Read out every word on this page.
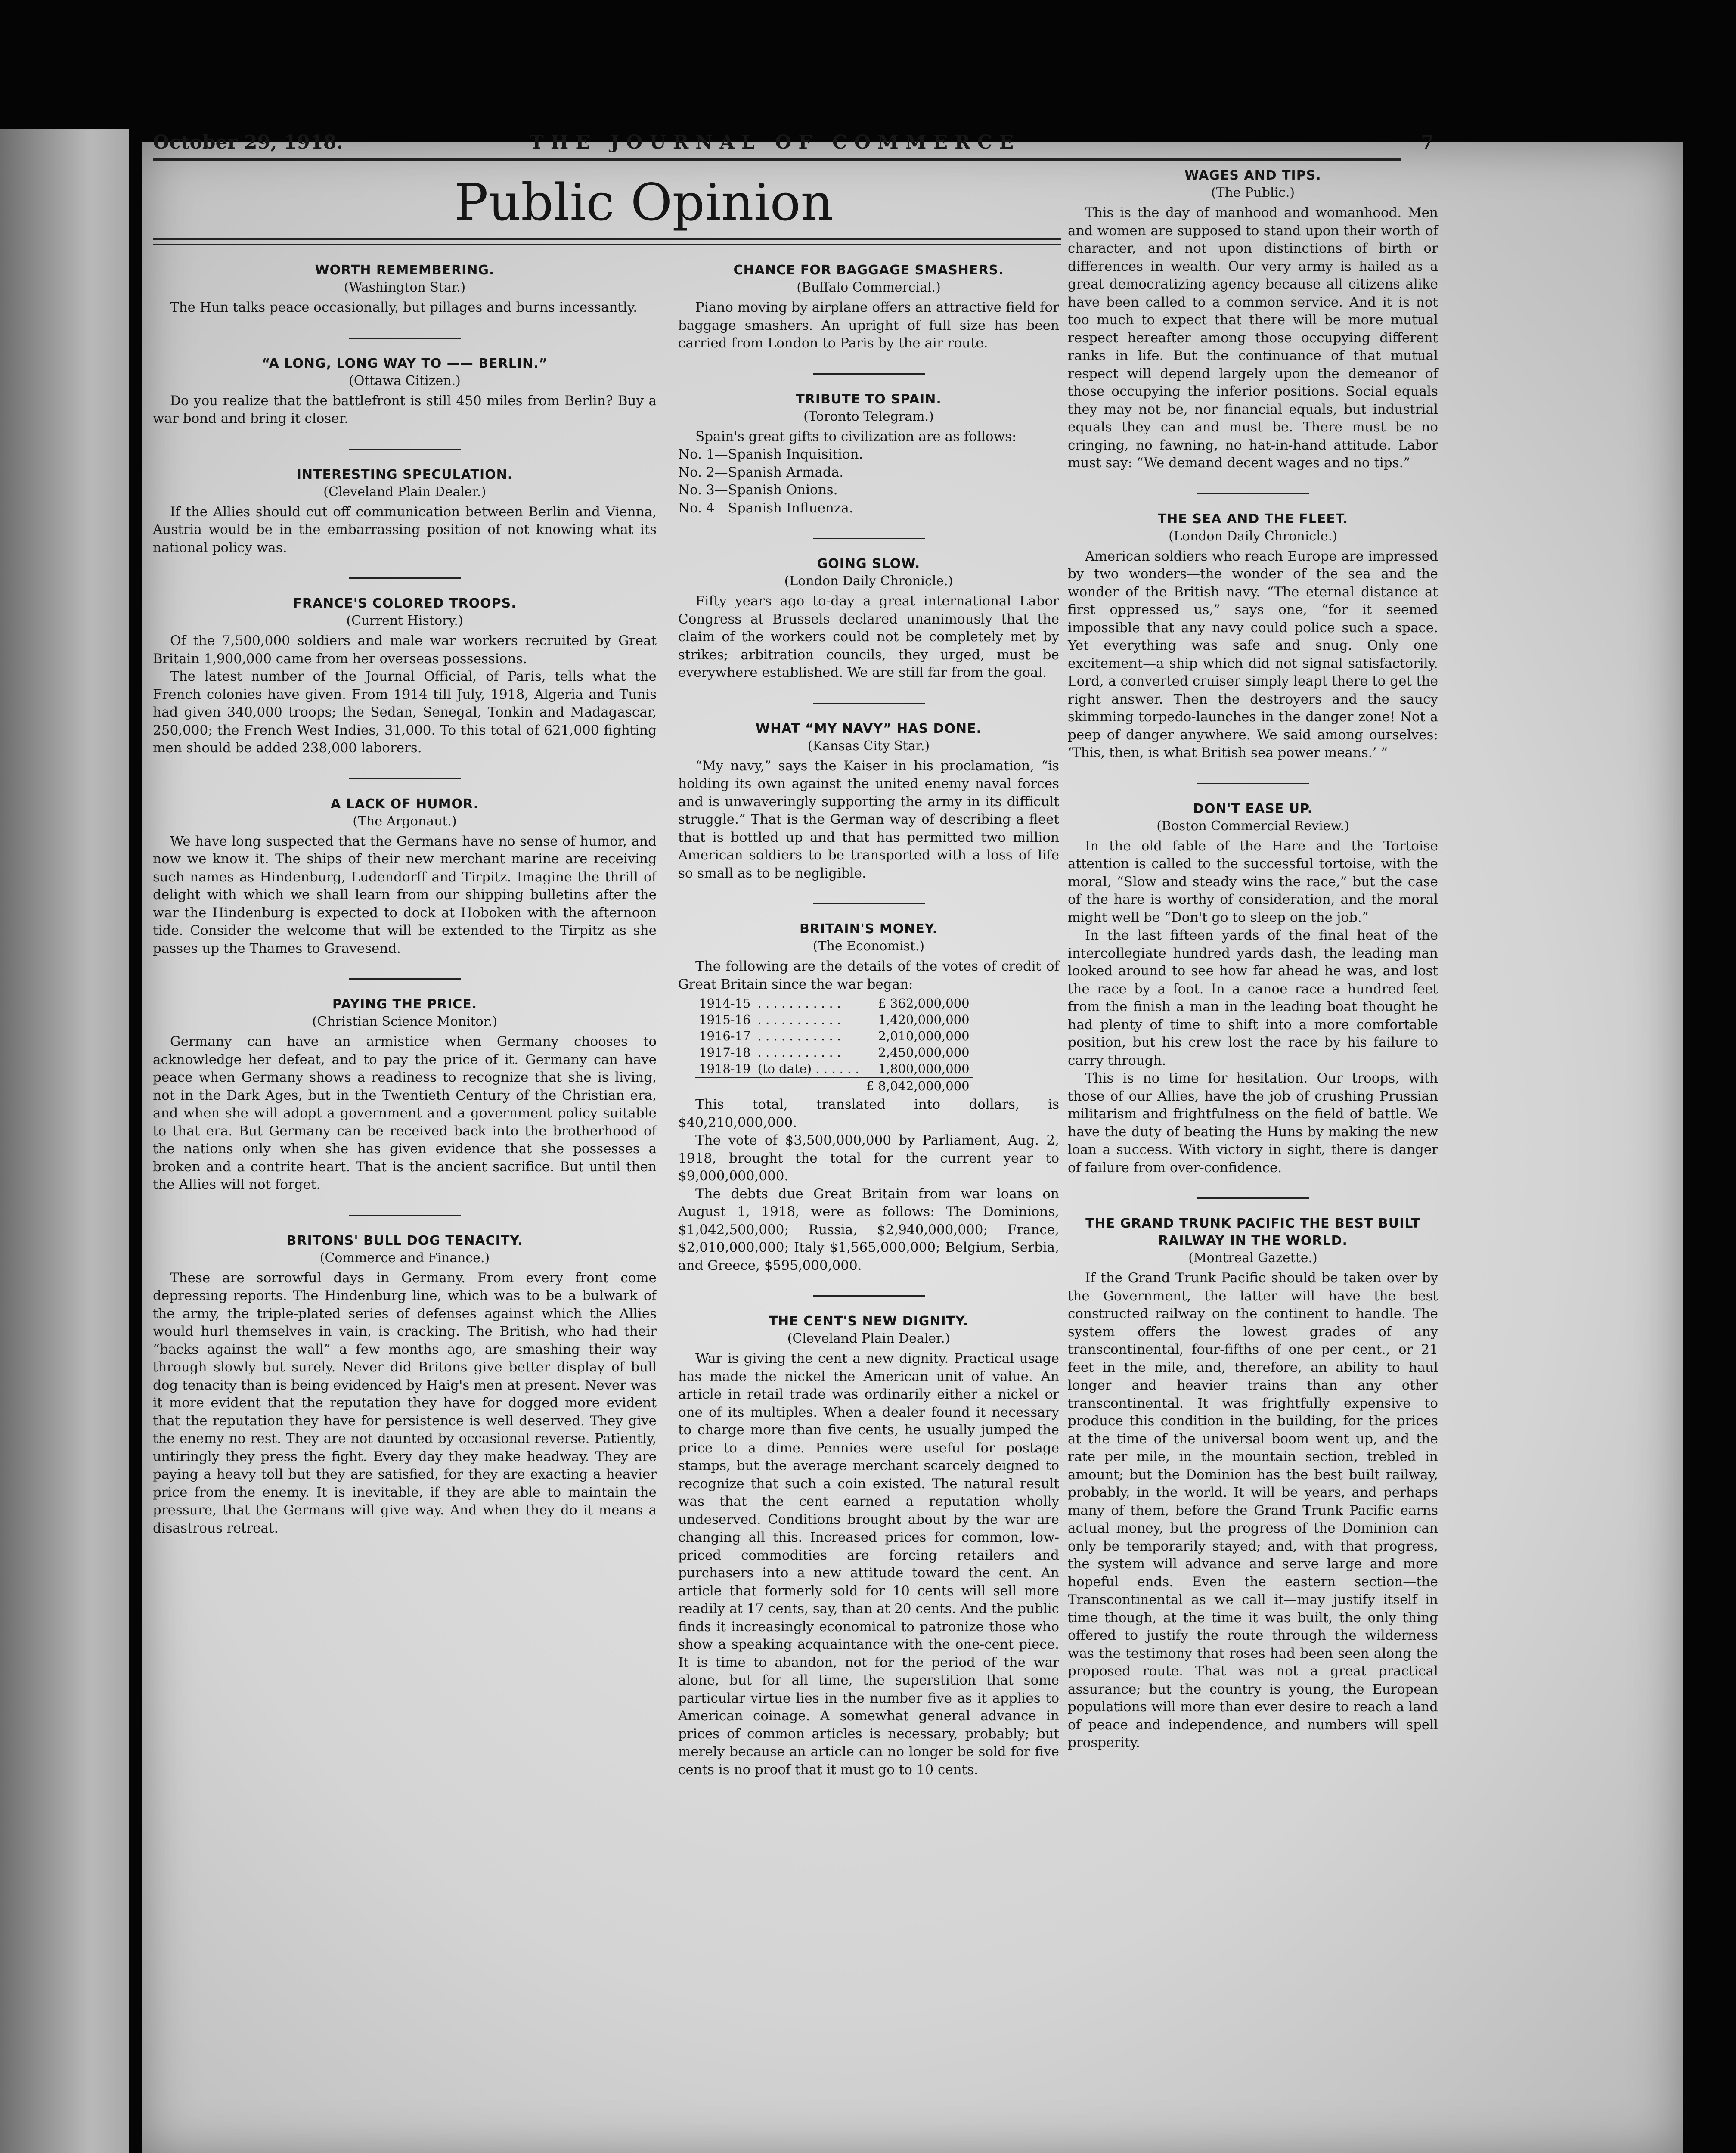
October 29, 1918.	THE JOURNAL OF COMMERCE	7
Public Opinion
WORTH REMEMBERING.
(Washington Star.)

The Hun talks peace occasionally, but pillages and burns incessantly.

“A LONG, LONG WAY TO —— BERLIN.”
(Ottawa Citizen.)

Do you realize that the battlefront is still 450 miles from Berlin? Buy a war bond and bring it closer.

INTERESTING SPECULATION.
(Cleveland Plain Dealer.)

If the Allies should cut off communication between Berlin and Vienna, Austria would be in the embarrassing position of not knowing what its national policy was.

FRANCE'S COLORED TROOPS.
(Current History.)

Of the 7,500,000 soldiers and male war workers recruited by Great Britain 1,900,000 came from her overseas possessions.

The latest number of the Journal Official, of Paris, tells what the French colonies have given. From 1914 till July, 1918, Algeria and Tunis had given 340,000 troops; the Sedan, Senegal, Tonkin and Madagascar, 250,000; the French West Indies, 31,000. To this total of 621,000 fighting men should be added 238,000 laborers.

A LACK OF HUMOR.
(The Argonaut.)

We have long suspected that the Germans have no sense of humor, and now we know it. The ships of their new merchant marine are receiving such names as Hindenburg, Ludendorff and Tirpitz. Imagine the thrill of delight with which we shall learn from our shipping bulletins after the war the Hindenburg is expected to dock at Hoboken with the afternoon tide. Consider the welcome that will be extended to the Tirpitz as she passes up the Thames to Gravesend.

PAYING THE PRICE.
(Christian Science Monitor.)

Germany can have an armistice when Germany chooses to acknowledge her defeat, and to pay the price of it. Germany can have peace when Germany shows a readiness to recognize that she is living, not in the Dark Ages, but in the Twentieth Century of the Christian era, and when she will adopt a government and a government policy suitable to that era. But Germany can be received back into the brotherhood of the nations only when she has given evidence that she possesses a broken and a contrite heart. That is the ancient sacrifice. But until then the Allies will not forget.

BRITONS' BULL DOG TENACITY.
(Commerce and Finance.)

These are sorrowful days in Germany. From every front come depressing reports. The Hindenburg line, which was to be a bulwark of the army, the triple-plated series of defenses against which the Allies would hurl themselves in vain, is cracking. The British, who had their “backs against the wall” a few months ago, are smashing their way through slowly but surely. Never did Britons give better display of bull dog tenacity than is being evidenced by Haig's men at present. Never was it more evident that the reputation they have for dogged more evident that the reputation they have for persistence is well deserved. They give the enemy no rest. They are not daunted by occasional reverse. Patiently, untiringly they press the fight. Every day they make headway. They are paying a heavy toll but they are satisfied, for they are exacting a heavier price from the enemy. It is inevitable, if they are able to maintain the pressure, that the Germans will give way. And when they do it means a disastrous retreat.

CHANCE FOR BAGGAGE SMASHERS.
(Buffalo Commercial.)

Piano moving by airplane offers an attractive field for baggage smashers. An upright of full size has been carried from London to Paris by the air route.

TRIBUTE TO SPAIN.
(Toronto Telegram.)

Spain's great gifts to civilization are as follows:

No. 1—Spanish Inquisition.
No. 2—Spanish Armada.
No. 3—Spanish Onions.
No. 4—Spanish Influenza.
GOING SLOW.
(London Daily Chronicle.)

Fifty years ago to-day a great international Labor Congress at Brussels declared unanimously that the claim of the workers could not be completely met by strikes; arbitration councils, they urged, must be everywhere established. We are still far from the goal.

WHAT “MY NAVY” HAS DONE.
(Kansas City Star.)

“My navy,” says the Kaiser in his proclamation, “is holding its own against the united enemy naval forces and is unwaveringly supporting the army in its difficult struggle.” That is the German way of describing a fleet that is bottled up and that has permitted two million American soldiers to be transported with a loss of life so small as to be negligible.

BRITAIN'S MONEY.
(The Economist.)

The following are the details of the votes of credit of Great Britain since the war began:

1914-15	. . . . . . . . . . .	£ 362,000,000
1915-16	. . . . . . . . . . .	1,420,000,000
1916-17	. . . . . . . . . . .	2,010,000,000
1917-18	. . . . . . . . . . .	2,450,000,000
1918-19	(to date) . . . . . .	1,800,000,000
		£ 8,042,000,000

This total, translated into dollars, is $40,210,000,000.

The vote of $3,500,000,000 by Parliament, Aug. 2, 1918, brought the total for the current year to $9,000,000,000.

The debts due Great Britain from war loans on August 1, 1918, were as follows: The Dominions, $1,042,500,000; Russia, $2,940,000,000; France, $2,010,000,000; Italy $1,565,000,000; Belgium, Serbia, and Greece, $595,000,000.

THE CENT'S NEW DIGNITY.
(Cleveland Plain Dealer.)

War is giving the cent a new dignity. Practical usage has made the nickel the American unit of value. An article in retail trade was ordinarily either a nickel or one of its multiples. When a dealer found it necessary to charge more than five cents, he usually jumped the price to a dime. Pennies were useful for postage stamps, but the average merchant scarcely deigned to recognize that such a coin existed. The natural result was that the cent earned a reputation wholly undeserved. Conditions brought about by the war are changing all this. Increased prices for common, low-priced commodities are forcing retailers and purchasers into a new attitude toward the cent. An article that formerly sold for 10 cents will sell more readily at 17 cents, say, than at 20 cents. And the public finds it increasingly economical to patronize those who show a speaking acquaintance with the one-cent piece. It is time to abandon, not for the period of the war alone, but for all time, the superstition that some particular virtue lies in the number five as it applies to American coinage. A somewhat general advance in prices of common articles is necessary, probably; but merely because an article can no longer be sold for five cents is no proof that it must go to 10 cents.

WAGES AND TIPS.
(The Public.)

This is the day of manhood and womanhood. Men and women are supposed to stand upon their worth of character, and not upon distinctions of birth or differences in wealth. Our very army is hailed as a great democratizing agency because all citizens alike have been called to a common service. And it is not too much to expect that there will be more mutual respect hereafter among those occupying different ranks in life. But the continuance of that mutual respect will depend largely upon the demeanor of those occupying the inferior positions. Social equals they may not be, nor financial equals, but industrial equals they can and must be. There must be no cringing, no fawning, no hat-in-hand attitude. Labor must say: “We demand decent wages and no tips.”

THE SEA AND THE FLEET.
(London Daily Chronicle.)

American soldiers who reach Europe are impressed by two wonders—the wonder of the sea and the wonder of the British navy. “The eternal distance at first oppressed us,” says one, “for it seemed impossible that any navy could police such a space. Yet everything was safe and snug. Only one excitement—a ship which did not signal satisfactorily. Lord, a converted cruiser simply leapt there to get the right answer. Then the destroyers and the saucy skimming torpedo-launches in the danger zone! Not a peep of danger anywhere. We said among ourselves: ‘This, then, is what British sea power means.’ ”

DON'T EASE UP.
(Boston Commercial Review.)

In the old fable of the Hare and the Tortoise attention is called to the successful tortoise, with the moral, “Slow and steady wins the race,” but the case of the hare is worthy of consideration, and the moral might well be “Don't go to sleep on the job.”

In the last fifteen yards of the final heat of the intercollegiate hundred yards dash, the leading man looked around to see how far ahead he was, and lost the race by a foot. In a canoe race a hundred feet from the finish a man in the leading boat thought he had plenty of time to shift into a more comfortable position, but his crew lost the race by his failure to carry through.

This is no time for hesitation. Our troops, with those of our Allies, have the job of crushing Prussian militarism and frightfulness on the field of battle. We have the duty of beating the Huns by making the new loan a success. With victory in sight, there is danger of failure from over-confidence.

THE GRAND TRUNK PACIFIC THE BEST BUILT RAILWAY IN THE WORLD.
(Montreal Gazette.)

If the Grand Trunk Pacific should be taken over by the Government, the latter will have the best constructed railway on the continent to handle. The system offers the lowest grades of any transcontinental, four-fifths of one per cent., or 21 feet in the mile, and, therefore, an ability to haul longer and heavier trains than any other transcontinental. It was frightfully expensive to produce this condition in the building, for the prices at the time of the universal boom went up, and the rate per mile, in the mountain section, trebled in amount; but the Dominion has the best built railway, probably, in the world. It will be years, and perhaps many of them, before the Grand Trunk Pacific earns actual money, but the progress of the Dominion can only be temporarily stayed; and, with that progress, the system will advance and serve large and more hopeful ends. Even the eastern section—the Transcontinental as we call it—may justify itself in time though, at the time it was built, the only thing offered to justify the route through the wilderness was the testimony that roses had been seen along the proposed route. That was not a great practical assurance; but the country is young, the European populations will more than ever desire to reach a land of peace and independence, and numbers will spell prosperity.
